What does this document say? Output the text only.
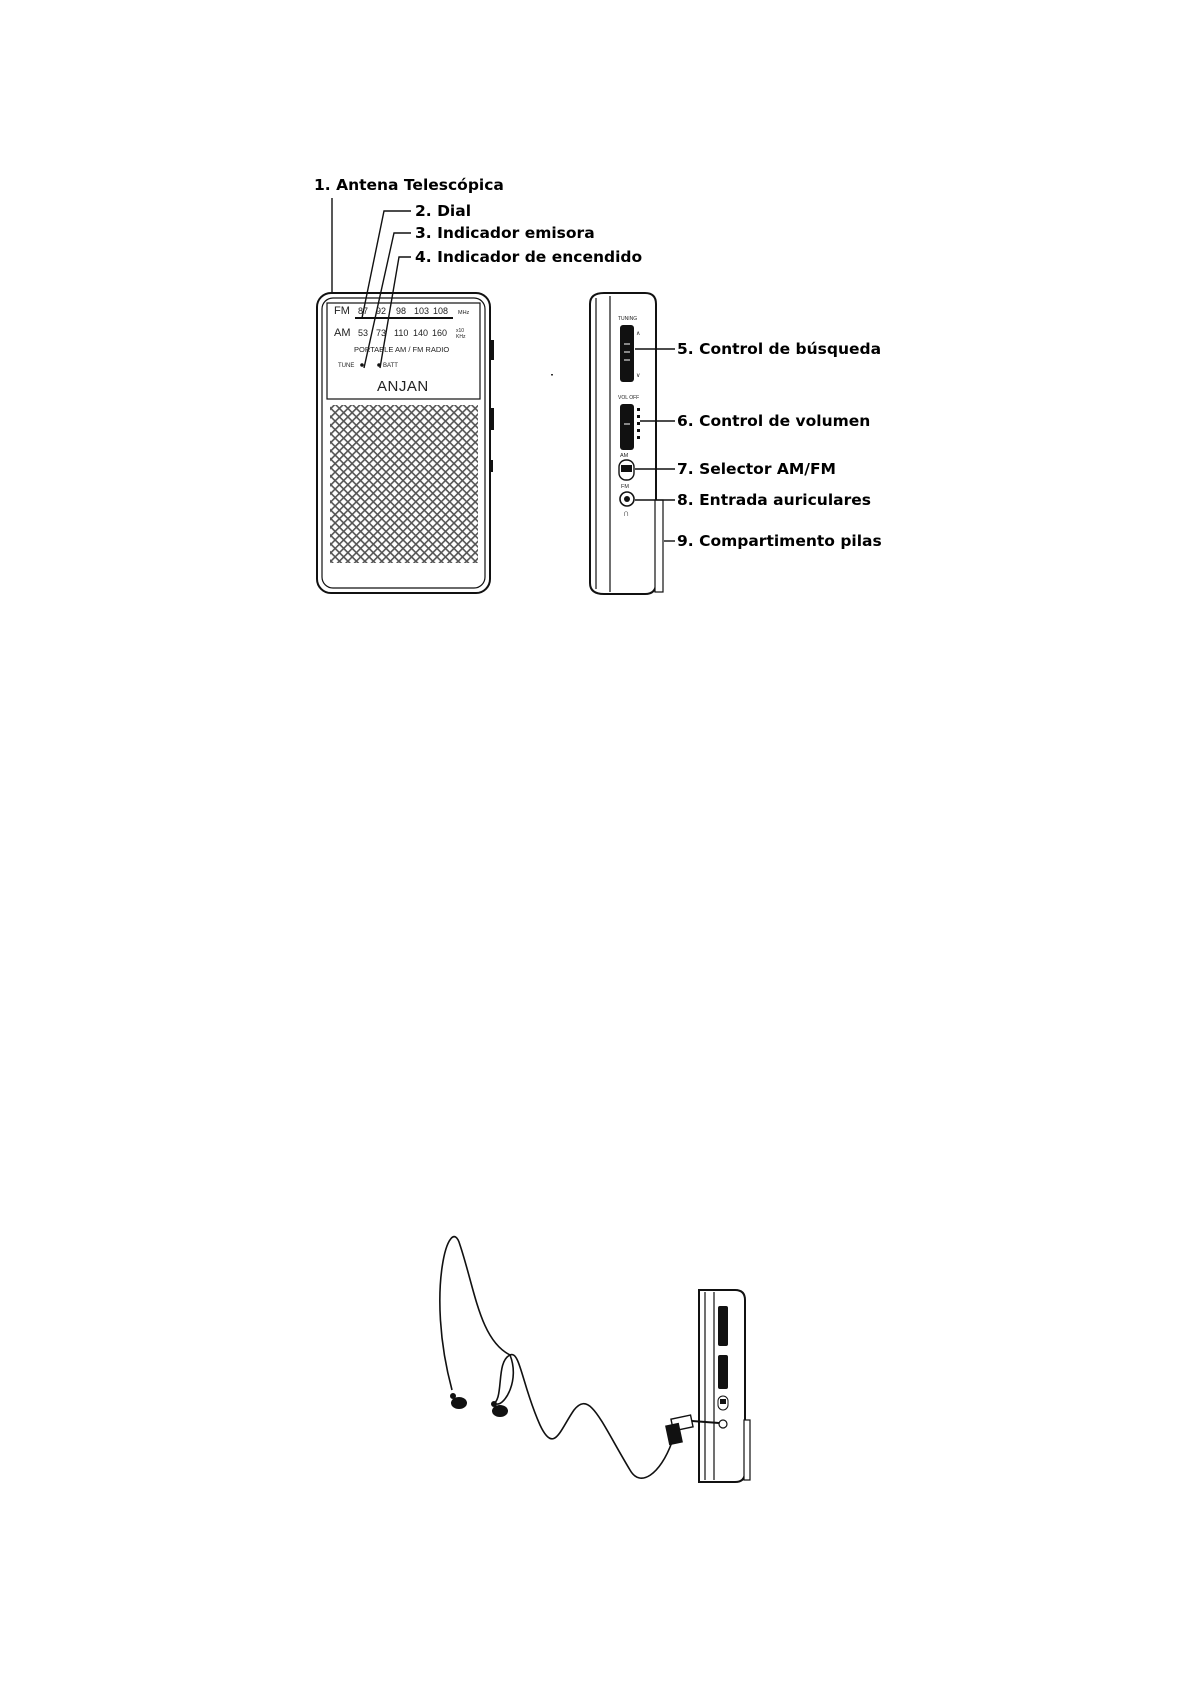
FM 87 92 98 103 108 MHz
AM 53 73 110 140 160 x10
KHz
PORTABLE AM / FM RADIO
TUNE	BATT
ANJAN
TUNING
∧
∨
VOL OFF
AM
FM
∩
1. Antena Telescópica
2. Dial
3. Indicador emisora
4. Indicador de encendido
5. Control de búsqueda
6. Control de volumen
7. Selector AM/FM
8. Entrada auriculares
9. Compartimento pilas
